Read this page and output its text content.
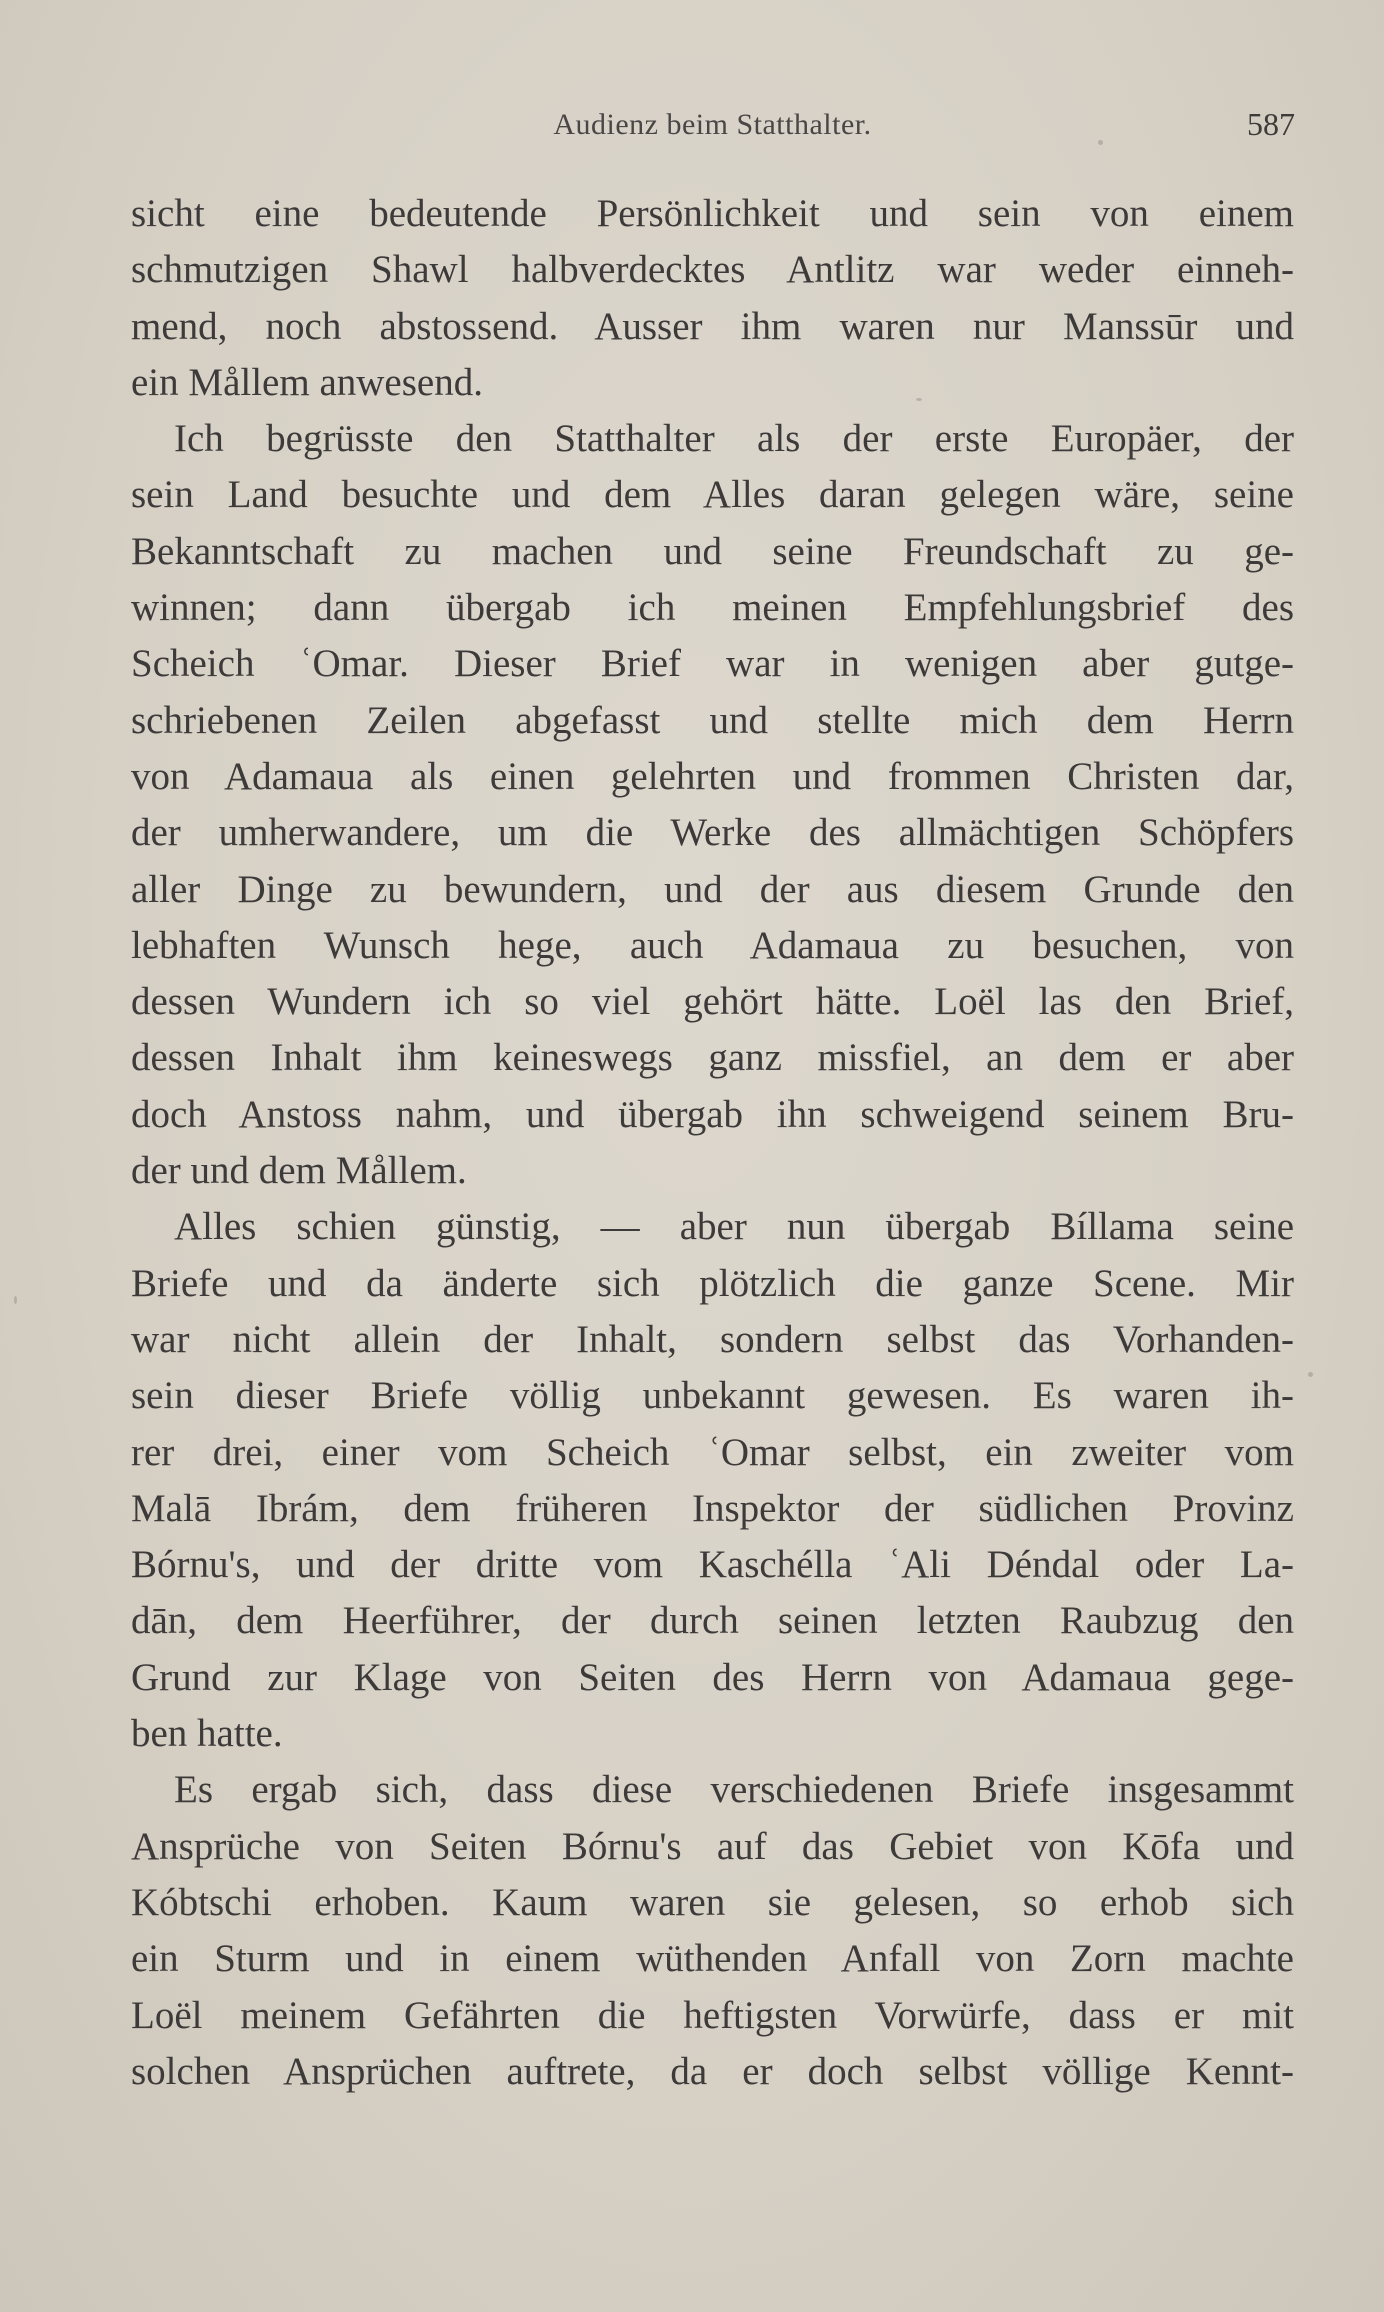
Audienz beim Statthalter.	587
sicht eine bedeutende Persönlichkeit und sein von einem
schmutzigen Shawl halbverdecktes Antlitz war weder einneh-
mend, noch abstossend. Ausser ihm waren nur Manssūr und
ein Mållem anwesend.
Ich begrüsste den Statthalter als der erste Europäer, der
sein Land besuchte und dem Alles daran gelegen wäre, seine
Bekanntschaft zu machen und seine Freundschaft zu ge-
winnen; dann übergab ich meinen Empfehlungsbrief des
Scheich ʿOmar. Dieser Brief war in wenigen aber gutge-
schriebenen Zeilen abgefasst und stellte mich dem Herrn
von Adamaua als einen gelehrten und frommen Christen dar,
der umherwandere, um die Werke des allmächtigen Schöpfers
aller Dinge zu bewundern, und der aus diesem Grunde den
lebhaften Wunsch hege, auch Adamaua zu besuchen, von
dessen Wundern ich so viel gehört hätte. Loël las den Brief,
dessen Inhalt ihm keineswegs ganz missfiel, an dem er aber
doch Anstoss nahm, und übergab ihn schweigend seinem Bru-
der und dem Mållem.
Alles schien günstig, — aber nun übergab Bíllama seine
Briefe und da änderte sich plötzlich die ganze Scene. Mir
war nicht allein der Inhalt, sondern selbst das Vorhanden-
sein dieser Briefe völlig unbekannt gewesen. Es waren ih-
rer drei, einer vom Scheich ʿOmar selbst, ein zweiter vom
Malā Ibrám, dem früheren Inspektor der südlichen Provinz
Bórnu's, und der dritte vom Kaschélla ʿAli Déndal oder La-
dān, dem Heerführer, der durch seinen letzten Raubzug den
Grund zur Klage von Seiten des Herrn von Adamaua gege-
ben hatte.
Es ergab sich, dass diese verschiedenen Briefe insgesammt
Ansprüche von Seiten Bórnu's auf das Gebiet von Kōfa und
Kóbtschi erhoben. Kaum waren sie gelesen, so erhob sich
ein Sturm und in einem wüthenden Anfall von Zorn machte
Loël meinem Gefährten die heftigsten Vorwürfe, dass er mit
solchen Ansprüchen auftrete, da er doch selbst völlige Kennt-
